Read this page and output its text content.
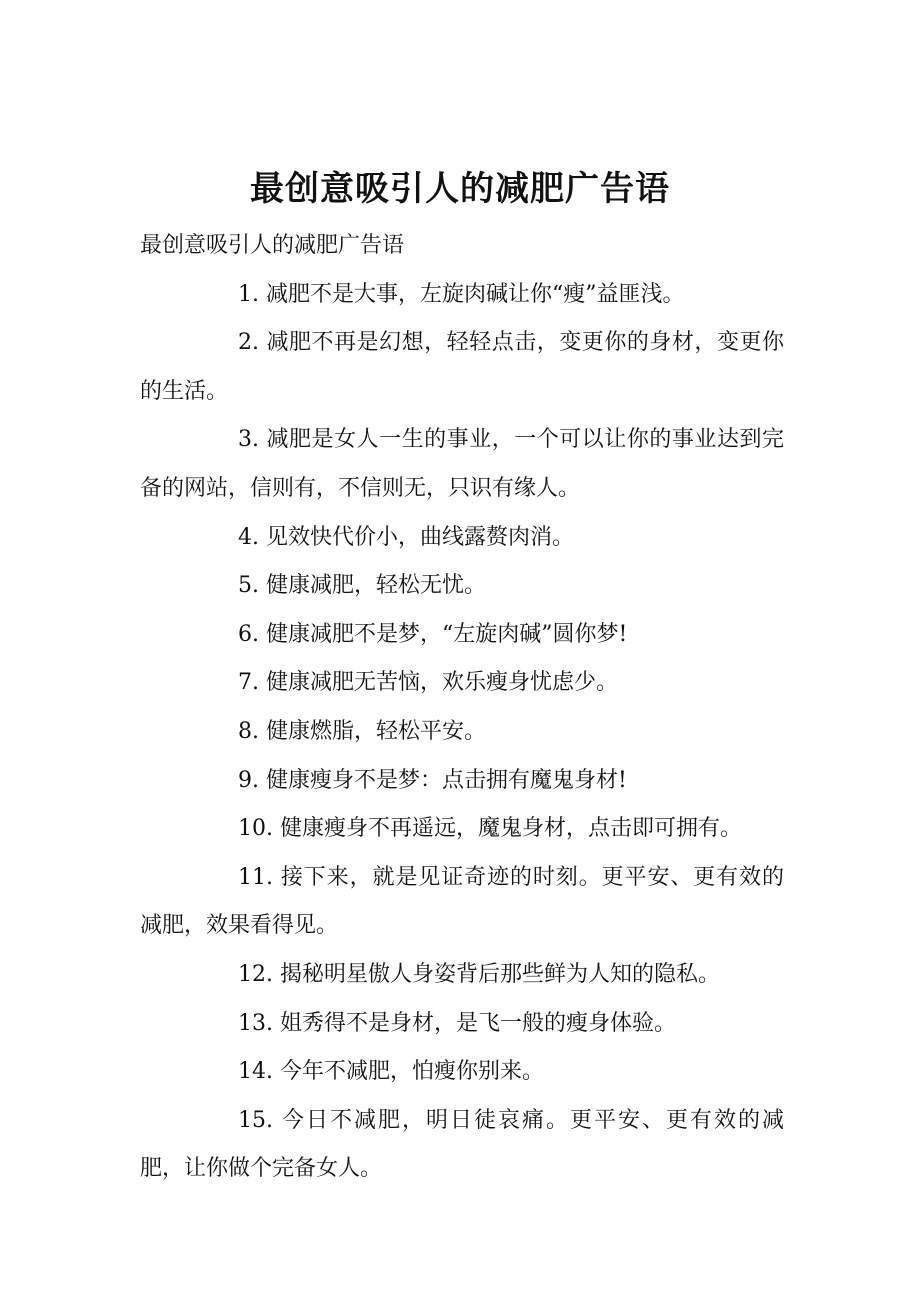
最创意吸引人的减肥广告语

最创意吸引人的减肥广告语

1. 减肥不是大事，左旋肉碱让你“瘦”益匪浅。

2. 减肥不再是幻想，轻轻点击，变更你的身材，变更你的生活。

3. 减肥是女人一生的事业，一个可以让你的事业达到完备的网站，信则有，不信则无，只识有缘人。

4. 见效快代价小，曲线露赘肉消。

5. 健康减肥，轻松无忧。

6. 健康减肥不是梦，“左旋肉碱”圆你梦!

7. 健康减肥无苦恼，欢乐瘦身忧虑少。

8. 健康燃脂，轻松平安。

9. 健康瘦身不是梦：点击拥有魔鬼身材!

10. 健康瘦身不再遥远，魔鬼身材，点击即可拥有。

11. 接下来，就是见证奇迹的时刻。更平安、更有效的减肥，效果看得见。

12. 揭秘明星傲人身姿背后那些鲜为人知的隐私。

13. 姐秀得不是身材，是飞一般的瘦身体验。

14. 今年不减肥，怕瘦你别来。

15. 今日不减肥，明日徒哀痛。更平安、更有效的减肥，让你做个完备女人。
